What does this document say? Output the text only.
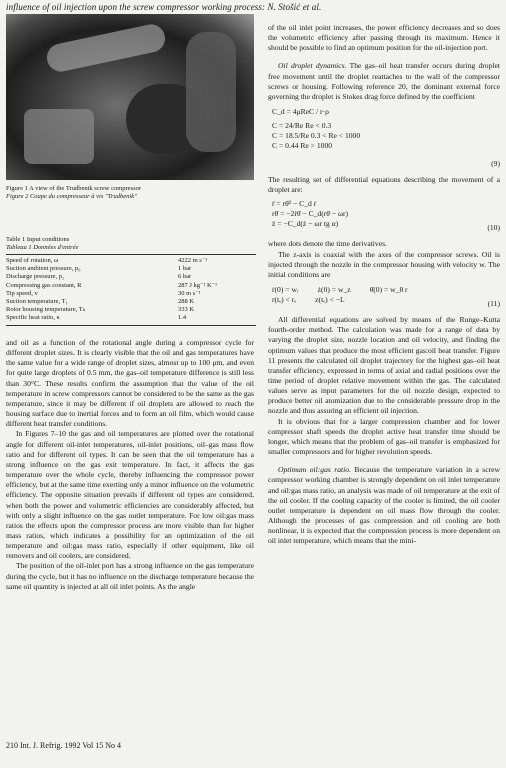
influence of oil injection upon the screw compressor working process: N. Stošić et al.
Figure 1 A view of the Trudbenik screw compressor
Figure 2 Coupe du compresseur à vis "Trudbenik"
Table 1 Input conditions
Tableau 1 Données d'entrée
Speed of rotation, ω	4222 m s⁻¹
Suction ambient pressure, p₀	1 bar
Discharge pressure, p₂	6 bar
Compressing gas constant, R	287 J kg⁻¹ K⁻¹
Tip speed, v	30 m s⁻¹
Suction temperature, T₁	288 K
Rotor housing temperature, Tₕ	333 K
Specific heat ratio, κ	1.4

and oil as a function of the rotational angle during a compressor cycle for different droplet sizes. It is clearly visible that the oil and gas temperatures have the same value for a wide range of droplet sizes, almost up to 100 μm, and even for quite large droplets of 0.5 mm, the gas–oil temperature difference is still less than 30°C. These results confirm the assumption that the value of the oil temperature in screw compressors cannot be considered to be the same as the gas temperature, since it may be different if oil droplets are allowed to reach the housing surface due to inertial forces and to form an oil film, which would cause different heat transfer conditions.

In Figures 7–10 the gas and oil temperatures are plotted over the rotational angle for different oil-inlet temperatures, oil-inlet positions, oil–gas mass flow ratio and for different oil types. It can be seen that the oil temperature has a strong influence on the gas exit temperature. In fact, it affects the gas temperature over the whole cycle, thereby influencing the compressor power efficiency, but at the same time exerting only a minor influence on the volumetric efficiency. The opposite situation prevails if different oil types are considered, when both the power and volumetric efficiencies are considerably affected, but with only a slight influence on the gas outlet temperature. For low oil:gas mass ratios the effects upon the compressor process are more visible than for higher mass ratios, which indicates a possibility for an optimization of the oil temperature and oil:gas mass ratio, especially if other equipment, like oil removers and oil coolers, are considered.

The position of the oil-inlet port has a strong influence on the gas temperature during the cycle, but it has no influence on the discharge temperature because the same oil quantity is injected at all oil inlet points. As the angle

of the oil inlet point increases, the power efficiency decreases and so does the volumetric efficiency after passing through its maximum. Hence it should be possible to find an optimum position for the oil-injection port.

Oil droplet dynamics. The gas–oil heat transfer occurs during droplet free movement until the droplet reattaches to the wall of the compressor screws or housing. Following reference 20, the dominant external force governing the droplet is Stokes drag force defined by the coefficient

C_d = 4μReC / r·ρ
C = 24/Re Re < 0.3
C = 18.5/Re 0.3 < Re < 1000
C = 0.44 Re > 1000
(9)

The resulting set of differential equations describing the movement of a droplet are:

r̈ = rθ̇² − C_d ṙ
rθ̈ = −2ṙθ̇ − C_d(rθ̇ − ωr)
z̈ = −C_d(ż − ωr tg α)	(10)

where dots denote the time derivatives.

The z-axis is coaxial with the axes of the compressor screws. Oil is injected through the nozzle in the compressor housing with velocity w. The initial conditions are

ṙ(0) = wᵣ          ż(0) = w_z          θ̇(0) = w_θ r
r(tₑ) < rₑ          z(tₑ) < −L	(11)

All differential equations are solved by means of the Runge–Kutta fourth-order method. The calculation was made for a range of data by varying the droplet size, nozzle location and oil velocity, and finding the optimum values that produce the most efficient gas:oil heat transfer. Figure 11 presents the calculated oil droplet trajectory for the highest gas–oil heat transfer efficiency, expressed in terms of axial and radial positions over the time period of droplet relative movement within the gas. The calculated values serve as input parameters for the oil nozzle design, expected to produce better oil atomization due to the considerable pressure drop in the nozzle and thus assuring an efficient oil injection.

It is obvious that for a larger compression chamber and for lower compressor shaft speeds the droplet active heat transfer time should be longer, which means that the problem of gas–oil transfer is emphasized for smaller compressors and for higher revolution speeds.

Optimum oil:gas ratio. Because the temperature variation in a screw compressor working chamber is strongly dependent on oil inlet temperature and oil:gas mass ratio, an analysis was made of oil temperature at the exit of the oil cooler. If the cooling capacity of the cooler is limited, the oil cooler outlet temperature is dependent on oil mass flow through the cooler. Although the processes of gas compression and oil cooling are both nonlinear, it is expected that the compression process is more dependent on oil inlet temperature, which means that the mini-

210 Int. J. Refrig. 1992 Vol 15 No 4
